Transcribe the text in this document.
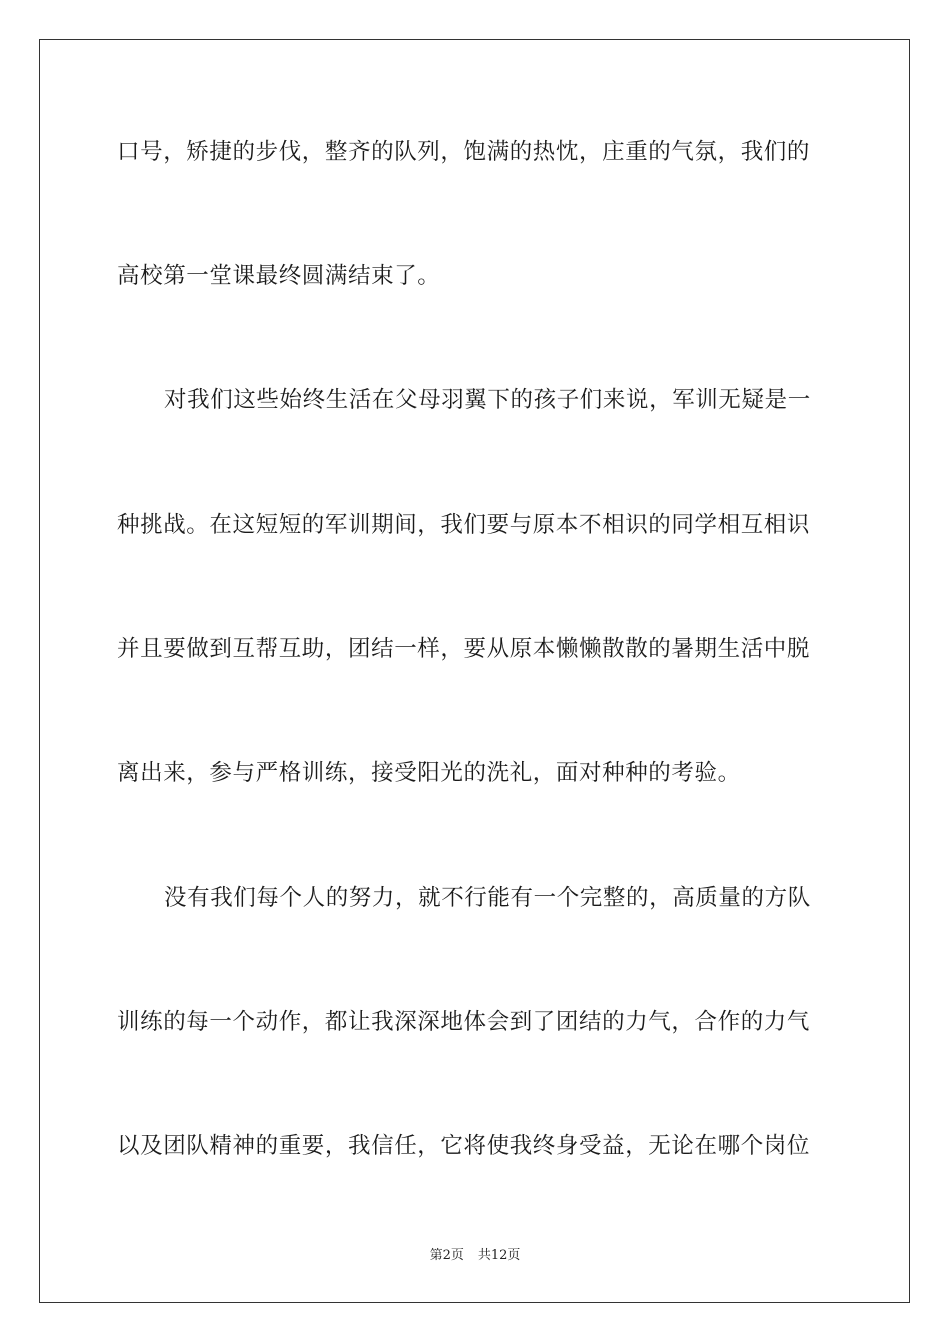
口号，矫捷的步伐，整齐的队列，饱满的热忱，庄重的气氛，我们的

高校第一堂课最终圆满结束了。

对我们这些始终生活在父母羽翼下的孩子们来说，军训无疑是一

种挑战。在这短短的军训期间，我们要与原本不相识的同学相互相识

并且要做到互帮互助，团结一样，要从原本懒懒散散的暑期生活中脱

离出来，参与严格训练，接受阳光的洗礼，面对种种的考验。

没有我们每个人的努力，就不行能有一个完整的，高质量的方队

训练的每一个动作，都让我深深地体会到了团结的力气，合作的力气

以及团队精神的重要，我信任，它将使我终身受益，无论在哪个岗位

第2页 共12页
